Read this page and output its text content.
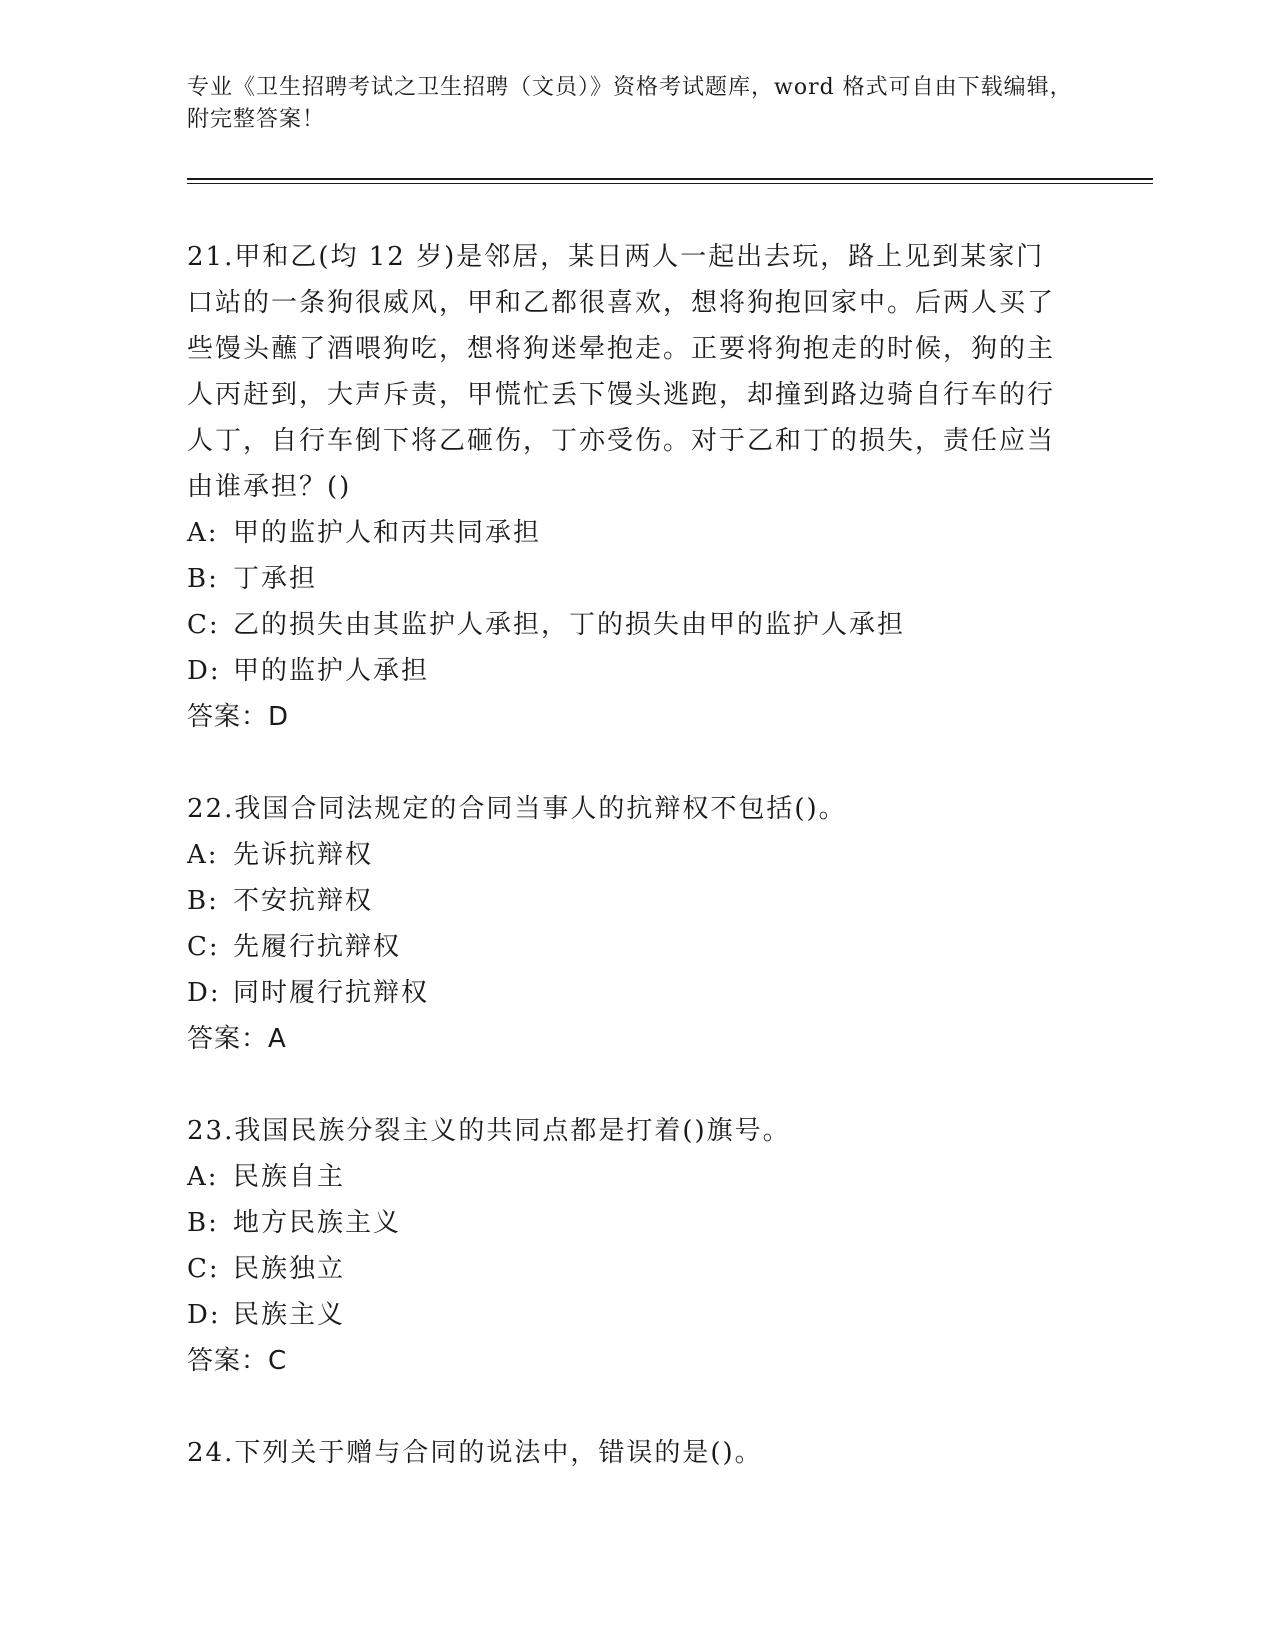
专业《卫生招聘考试之卫生招聘（文员）》资格考试题库，word 格式可自由下载编辑，附完整答案！
21.甲和乙(均 12 岁)是邻居，某日两人一起出去玩，路上见到某家门口站的一条狗很威风，甲和乙都很喜欢，想将狗抱回家中。后两人买了些馒头蘸了酒喂狗吃，想将狗迷晕抱走。正要将狗抱走的时候，狗的主人丙赶到，大声斥责，甲慌忙丢下馒头逃跑，却撞到路边骑自行车的行人丁，自行车倒下将乙砸伤，丁亦受伤。对于乙和丁的损失，责任应当由谁承担？()
A: 甲的监护人和丙共同承担
B: 丁承担
C: 乙的损失由其监护人承担，丁的损失由甲的监护人承担
D: 甲的监护人承担
答案：D
22.我国合同法规定的合同当事人的抗辩权不包括()。
A: 先诉抗辩权
B: 不安抗辩权
C: 先履行抗辩权
D: 同时履行抗辩权
答案：A
23.我国民族分裂主义的共同点都是打着()旗号。
A: 民族自主
B: 地方民族主义
C: 民族独立
D: 民族主义
答案：C
24.下列关于赠与合同的说法中，错误的是()。
